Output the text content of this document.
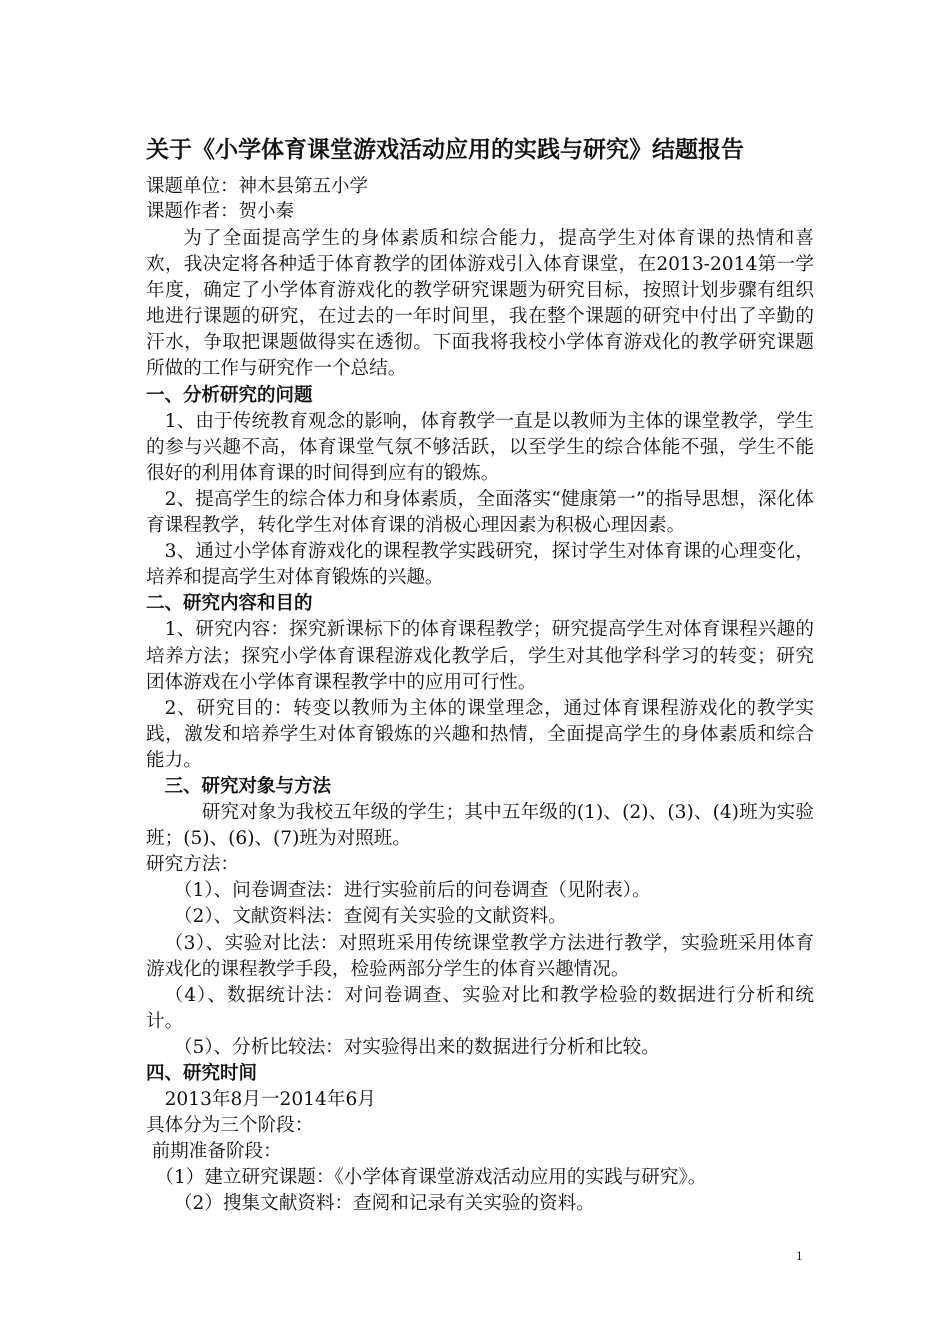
关于《小学体育课堂游戏活动应用的实践与研究》结题报告
课题单位：神木县第五小学
课题作者：贺小秦

为了全面提高学生的身体素质和综合能力，提高学生对体育课的热情和喜欢，我决定将各种适于体育教学的团体游戏引入体育课堂，在2013-2014第一学年度，确定了小学体育游戏化的教学研究课题为研究目标，按照计划步骤有组织地进行课题的研究，在过去的一年时间里，我在整个课题的研究中付出了辛勤的汗水，争取把课题做得实在透彻。下面我将我校小学体育游戏化的教学研究课题所做的工作与研究作一个总结。

一、分析研究的问题

1、由于传统教育观念的影响，体育教学一直是以教师为主体的课堂教学，学生的参与兴趣不高，体育课堂气氛不够活跃，以至学生的综合体能不强，学生不能很好的利用体育课的时间得到应有的锻炼。

2、提高学生的综合体力和身体素质，全面落实“健康第一”的指导思想，深化体育课程教学，转化学生对体育课的消极心理因素为积极心理因素。

3、通过小学体育游戏化的课程教学实践研究，探讨学生对体育课的心理变化，培养和提高学生对体育锻炼的兴趣。

二、研究内容和目的

1、研究内容：探究新课标下的体育课程教学；研究提高学生对体育课程兴趣的培养方法；探究小学体育课程游戏化教学后，学生对其他学科学习的转变；研究团体游戏在小学体育课程教学中的应用可行性。

2、研究目的：转变以教师为主体的课堂理念，通过体育课程游戏化的教学实践，激发和培养学生对体育锻炼的兴趣和热情，全面提高学生的身体素质和综合能力。

三、研究对象与方法

研究对象为我校五年级的学生；其中五年级的(1)、(2)、(3)、(4)班为实验班；(5)、(6)、(7)班为对照班。

研究方法：

（1）、问卷调查法：进行实验前后的问卷调查（见附表）。

（2）、文献资料法：查阅有关实验的文献资料。

（3）、实验对比法：对照班采用传统课堂教学方法进行教学，实验班采用体育游戏化的课程教学手段，检验两部分学生的体育兴趣情况。

（4）、数据统计法：对问卷调查、实验对比和教学检验的数据进行分析和统计。

（5）、分析比较法：对实验得出来的数据进行分析和比较。

四、研究时间

2013年8月一2014年6月

具体分为三个阶段：

前期准备阶段：

（1）建立研究课题：《小学体育课堂游戏活动应用的实践与研究》。

（2）搜集文献资料：查阅和记录有关实验的资料。

1
